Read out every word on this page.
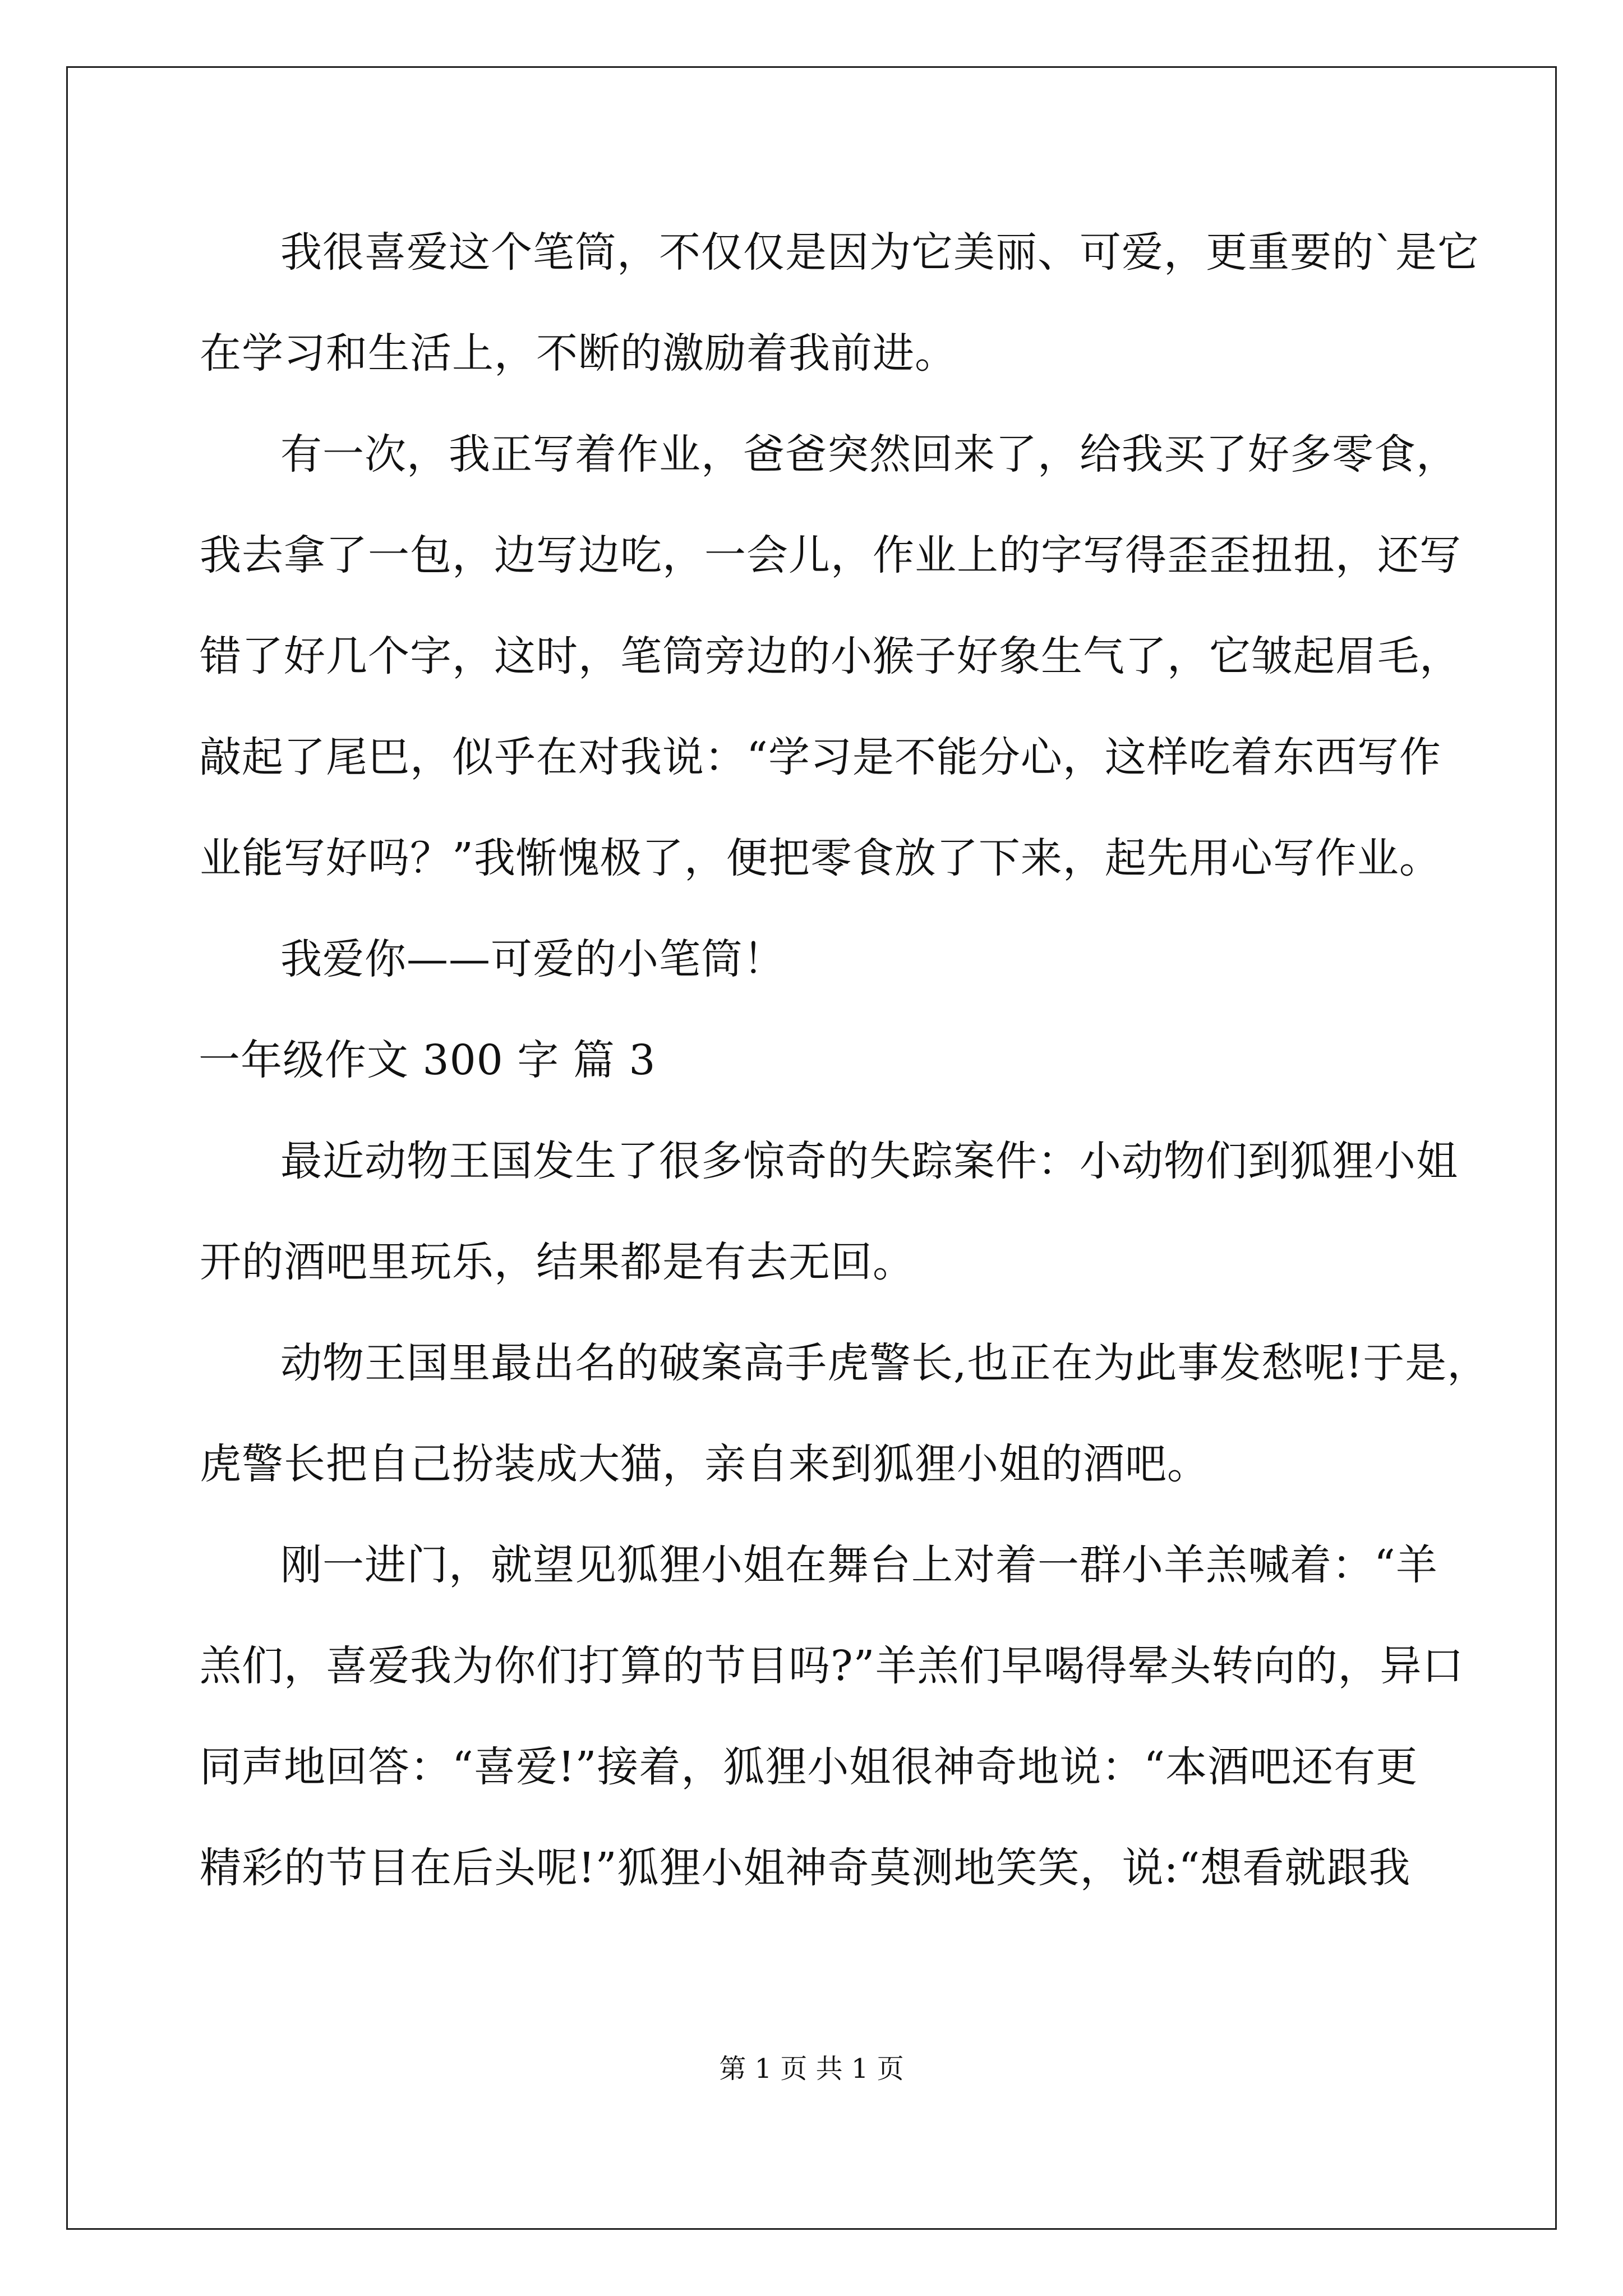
我很喜爱这个笔筒，不仅仅是因为它美丽、可爱，更重要的`是它
在学习和生活上，不断的激励着我前进。
有一次，我正写着作业，爸爸突然回来了，给我买了好多零食，
我去拿了一包，边写边吃，一会儿，作业上的字写得歪歪扭扭，还写
错了好几个字，这时，笔筒旁边的小猴子好象生气了，它皱起眉毛，
敲起了尾巴，似乎在对我说：“学习是不能分心，这样吃着东西写作
业能写好吗？”我惭愧极了，便把零食放了下来，起先用心写作业。
我爱你——可爱的小笔筒！
一年级作文 300 字 篇 3
最近动物王国发生了很多惊奇的失踪案件：小动物们到狐狸小姐
开的酒吧里玩乐，结果都是有去无回。
动物王国里最出名的破案高手虎警长,也正在为此事发愁呢!于是，
虎警长把自己扮装成大猫，亲自来到狐狸小姐的酒吧。
刚一进门，就望见狐狸小姐在舞台上对着一群小羊羔喊着：“羊
羔们，喜爱我为你们打算的节目吗?”羊羔们早喝得晕头转向的，异口
同声地回答：“喜爱!”接着，狐狸小姐很神奇地说：“本酒吧还有更
精彩的节目在后头呢!”狐狸小姐神奇莫测地笑笑，说:“想看就跟我
第 1 页 共 1 页
